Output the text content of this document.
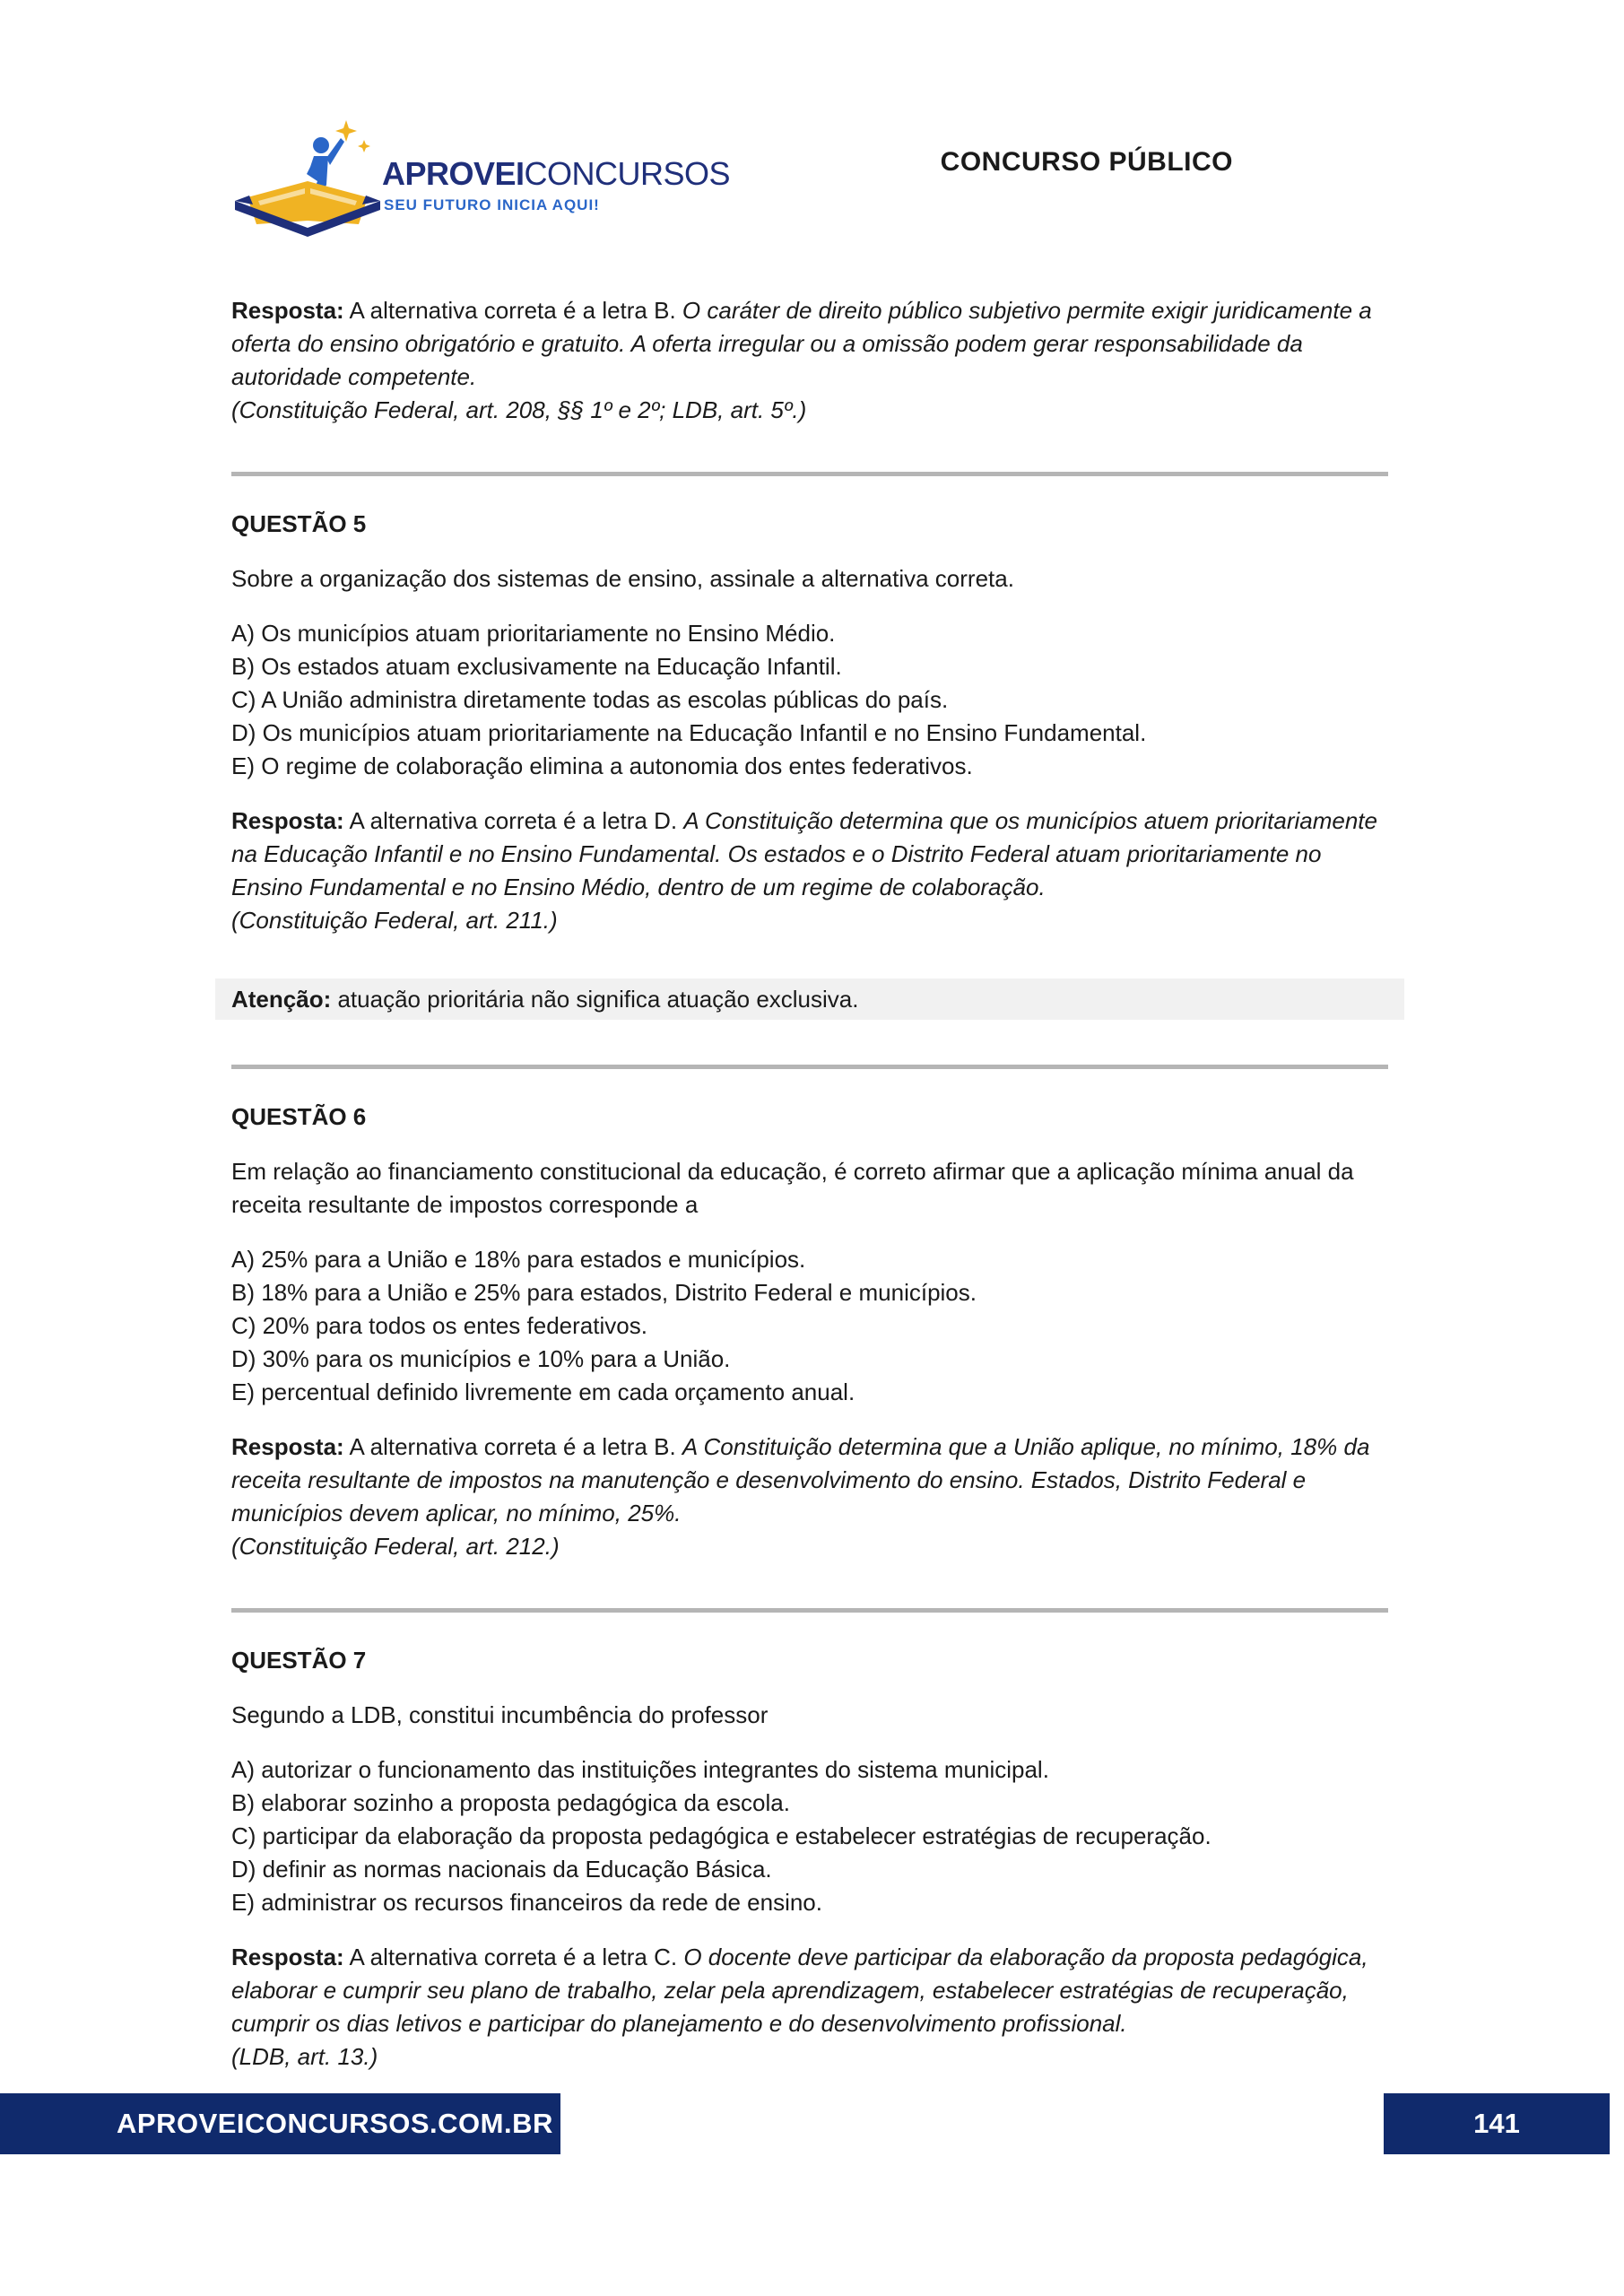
APROVEICONCURSOS
SEU FUTURO INICIA AQUI!
CONCURSO PÚBLICO

Resposta: A alternativa correta é a letra B. O caráter de direito público subjetivo permite exigir juridicamente a oferta do ensino obrigatório e gratuito. A oferta irregular ou a omissão podem gerar responsabilidade da autoridade competente.
(Constituição Federal, art. 208, §§ 1º e 2º; LDB, art. 5º.)

QUESTÃO 5
Sobre a organização dos sistemas de ensino, assinale a alternativa correta.
A) Os municípios atuam prioritariamente no Ensino Médio.
B) Os estados atuam exclusivamente na Educação Infantil.
C) A União administra diretamente todas as escolas públicas do país.
D) Os municípios atuam prioritariamente na Educação Infantil e no Ensino Fundamental.
E) O regime de colaboração elimina a autonomia dos entes federativos.

Resposta: A alternativa correta é a letra D. A Constituição determina que os municípios atuem prioritariamente na Educação Infantil e no Ensino Fundamental. Os estados e o Distrito Federal atuam prioritariamente no Ensino Fundamental e no Ensino Médio, dentro de um regime de colaboração.
(Constituição Federal, art. 211.)

Atenção: atuação prioritária não significa atuação exclusiva.
QUESTÃO 6
Em relação ao financiamento constitucional da educação, é correto afirmar que a aplicação mínima anual da receita resultante de impostos corresponde a
A) 25% para a União e 18% para estados e municípios.
B) 18% para a União e 25% para estados, Distrito Federal e municípios.
C) 20% para todos os entes federativos.
D) 30% para os municípios e 10% para a União.
E) percentual definido livremente em cada orçamento anual.

Resposta: A alternativa correta é a letra B. A Constituição determina que a União aplique, no mínimo, 18% da receita resultante de impostos na manutenção e desenvolvimento do ensino. Estados, Distrito Federal e municípios devem aplicar, no mínimo, 25%.
(Constituição Federal, art. 212.)

QUESTÃO 7
Segundo a LDB, constitui incumbência do professor
A) autorizar o funcionamento das instituições integrantes do sistema municipal.
B) elaborar sozinho a proposta pedagógica da escola.
C) participar da elaboração da proposta pedagógica e estabelecer estratégias de recuperação.
D) definir as normas nacionais da Educação Básica.
E) administrar os recursos financeiros da rede de ensino.

Resposta: A alternativa correta é a letra C. O docente deve participar da elaboração da proposta pedagógica, elaborar e cumprir seu plano de trabalho, zelar pela aprendizagem, estabelecer estratégias de recuperação, cumprir os dias letivos e participar do planejamento e do desenvolvimento profissional.
(LDB, art. 13.)

APROVEICONCURSOS.COM.BR	141
